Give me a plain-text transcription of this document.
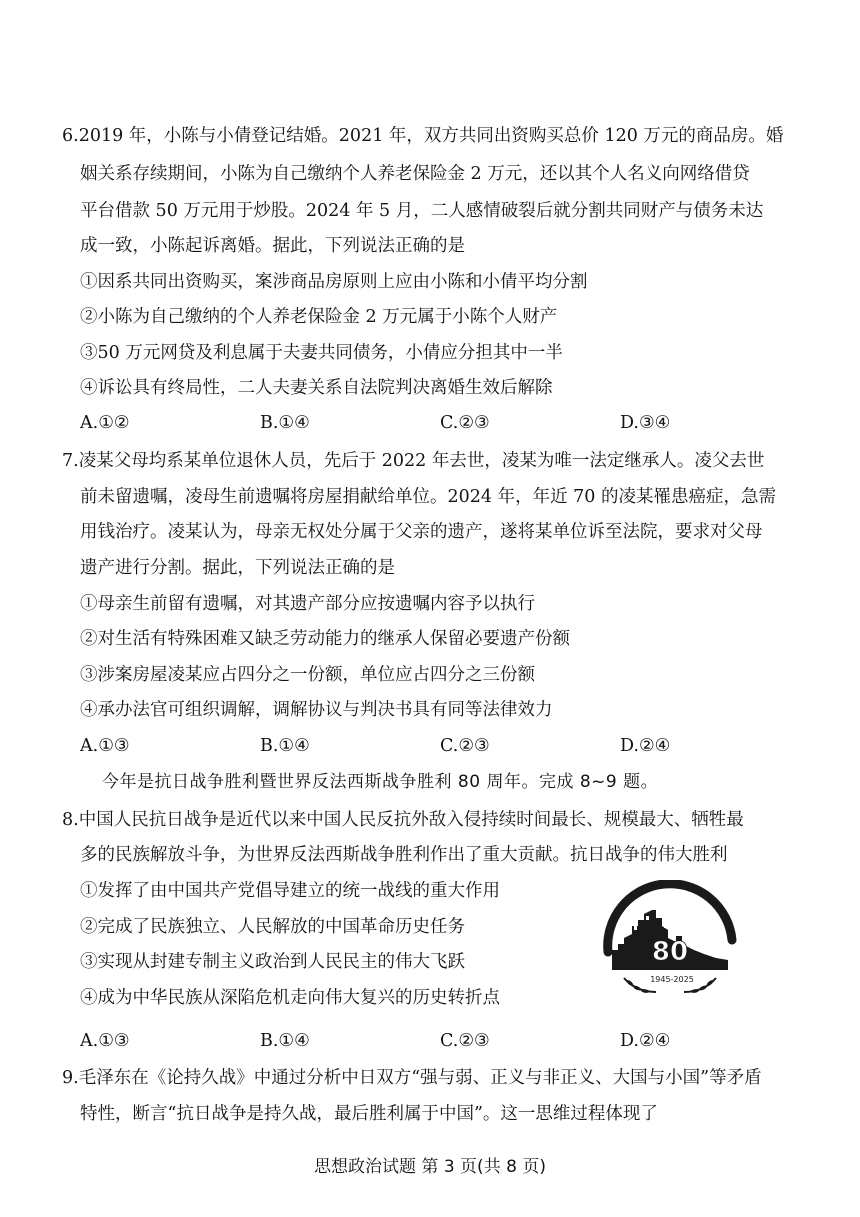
6.2019 年，小陈与小倩登记结婚。2021 年，双方共同出资购买总价 120 万元的商品房。婚
姻关系存续期间，小陈为自己缴纳个人养老保险金 2 万元，还以其个人名义向网络借贷
平台借款 50 万元用于炒股。2024 年 5 月，二人感情破裂后就分割共同财产与债务未达
成一致，小陈起诉离婚。据此，下列说法正确的是
①因系共同出资购买，案涉商品房原则上应由小陈和小倩平均分割
②小陈为自己缴纳的个人养老保险金 2 万元属于小陈个人财产
③50 万元网贷及利息属于夫妻共同债务，小倩应分担其中一半
④诉讼具有终局性，二人夫妻关系自法院判决离婚生效后解除
A.①②	B.①④	C.②③	D.③④
7.凌某父母均系某单位退休人员，先后于 2022 年去世，凌某为唯一法定继承人。凌父去世
前未留遗嘱，凌母生前遗嘱将房屋捐献给单位。2024 年，年近 70 的凌某罹患癌症，急需
用钱治疗。凌某认为，母亲无权处分属于父亲的遗产，遂将某单位诉至法院，要求对父母
遗产进行分割。据此，下列说法正确的是
①母亲生前留有遗嘱，对其遗产部分应按遗嘱内容予以执行
②对生活有特殊困难又缺乏劳动能力的继承人保留必要遗产份额
③涉案房屋凌某应占四分之一份额，单位应占四分之三份额
④承办法官可组织调解，调解协议与判决书具有同等法律效力
A.①③	B.①④	C.②③	D.②④
今年是抗日战争胜利暨世界反法西斯战争胜利 80 周年。完成 8~9 题。
8.中国人民抗日战争是近代以来中国人民反抗外敌入侵持续时间最长、规模最大、牺牲最
多的民族解放斗争，为世界反法西斯战争胜利作出了重大贡献。抗日战争的伟大胜利
①发挥了由中国共产党倡导建立的统一战线的重大作用
②完成了民族独立、人民解放的中国革命历史任务
③实现从封建专制主义政治到人民民主的伟大飞跃
④成为中华民族从深陷危机走向伟大复兴的历史转折点
A.①③	B.①④	C.②③	D.②④
80
1945-2025
9.毛泽东在《论持久战》中通过分析中日双方“强与弱、正义与非正义、大国与小国”等矛盾
特性，断言“抗日战争是持久战，最后胜利属于中国”。这一思维过程体现了
思想政治试题 第 3 页(共 8 页)
